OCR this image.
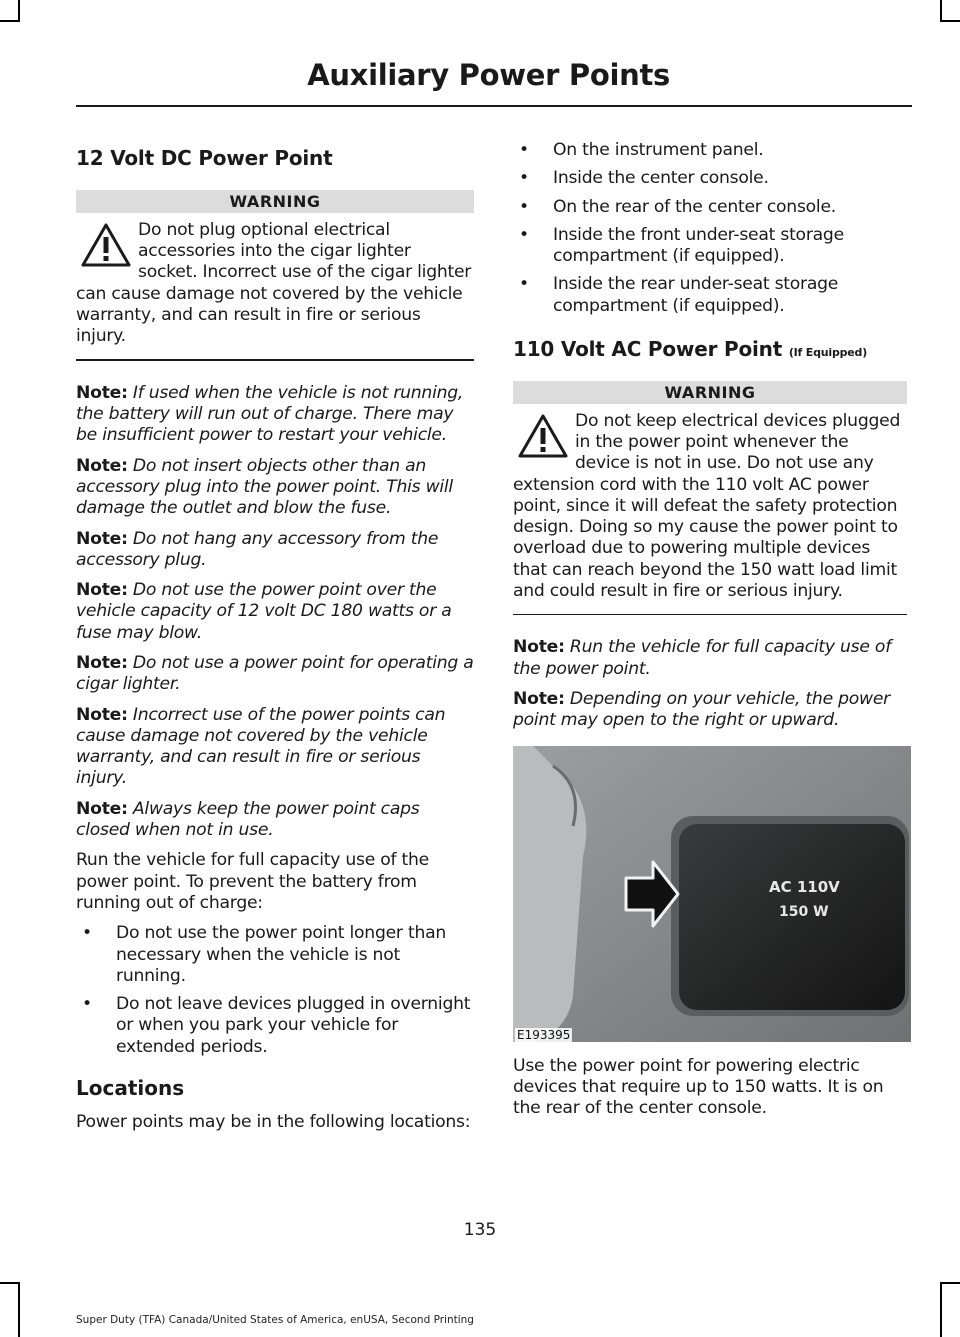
Auxiliary Power Points
12 Volt DC Power Point
WARNING
Do not plug optional electrical accessories into the cigar lighter socket. Incorrect use of the cigar lighter can cause damage not covered by the vehicle warranty, and can result in fire or serious injury.

Note: If used when the vehicle is not running, the battery will run out of charge. There may be insufficient power to restart your vehicle.

Note: Do not insert objects other than an accessory plug into the power point. This will damage the outlet and blow the fuse.

Note: Do not hang any accessory from the accessory plug.

Note: Do not use the power point over the vehicle capacity of 12 volt DC 180 watts or a fuse may blow.

Note: Do not use a power point for operating a cigar lighter.

Note: Incorrect use of the power points can cause damage not covered by the vehicle warranty, and can result in fire or serious injury.

Note: Always keep the power point caps closed when not in use.

Run the vehicle for full capacity use of the power point. To prevent the battery from running out of charge:

• Do not use the power point longer than necessary when the vehicle is not running.
• Do not leave devices plugged in overnight or when you park your vehicle for extended periods.
Locations

Power points may be in the following locations:

• On the instrument panel.
• Inside the center console.
• On the rear of the center console.
• Inside the front under-seat storage compartment (if equipped).
• Inside the rear under-seat storage compartment (if equipped).
110 Volt AC Power Point (If Equipped)
WARNING
Do not keep electrical devices plugged in the power point whenever the device is not in use. Do not use any extension cord with the 110 volt AC power point, since it will defeat the safety protection design. Doing so my cause the power point to overload due to powering multiple devices that can reach beyond the 150 watt load limit and could result in fire or serious injury.

Note: Run the vehicle for full capacity use of the power point.

Note: Depending on your vehicle, the power point may open to the right or upward.

AC 110V
150 W
E193395

Use the power point for powering electric devices that require up to 150 watts. It is on the rear of the center console.

135
Super Duty (TFA) Canada/United States of America, enUSA, Second Printing
